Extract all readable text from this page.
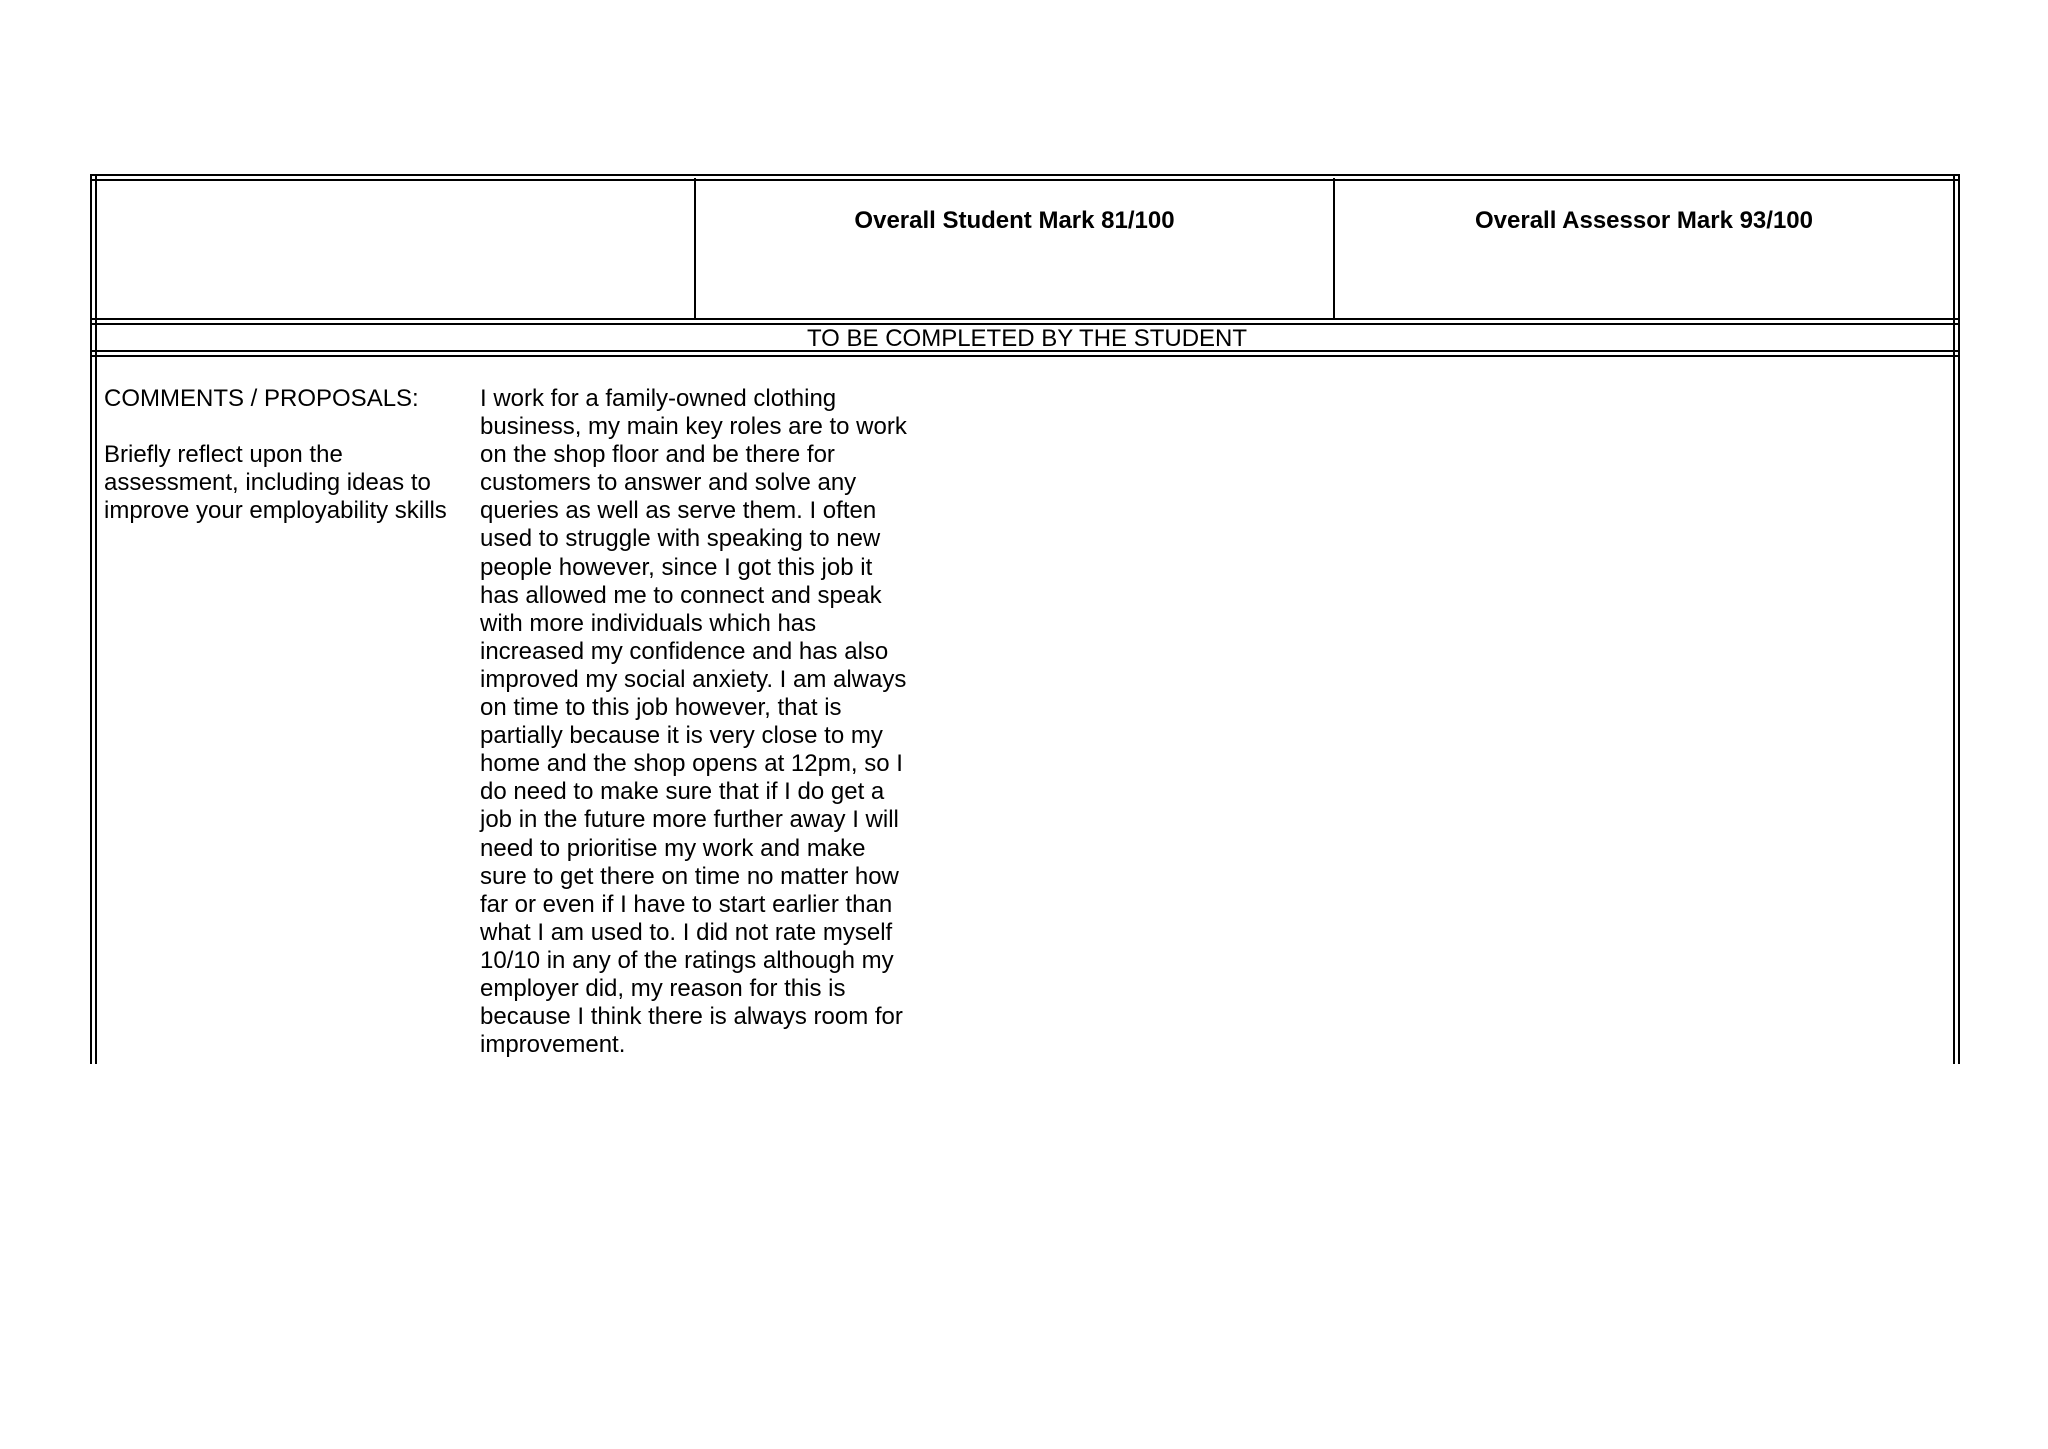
Overall Student Mark 81/100	Overall Assessor Mark 93/100
TO BE COMPLETED BY THE STUDENT

COMMENTS / PROPOSALS:

Briefly reflect upon the assessment, including ideas to improve your employability skills

I work for a family-owned clothing
business, my main key roles are to work
on the shop floor and be there for
customers to answer and solve any
queries as well as serve them. I often
used to struggle with speaking to new
people however, since I got this job it
has allowed me to connect and speak
with more individuals which has
increased my confidence and has also
improved my social anxiety. I am always
on time to this job however, that is
partially because it is very close to my
home and the shop opens at 12pm, so I
do need to make sure that if I do get a
job in the future more further away I will
need to prioritise my work and make
sure to get there on time no matter how
far or even if I have to start earlier than
what I am used to. I did not rate myself
10/10 in any of the ratings although my
employer did, my reason for this is
because I think there is always room for
improvement.
